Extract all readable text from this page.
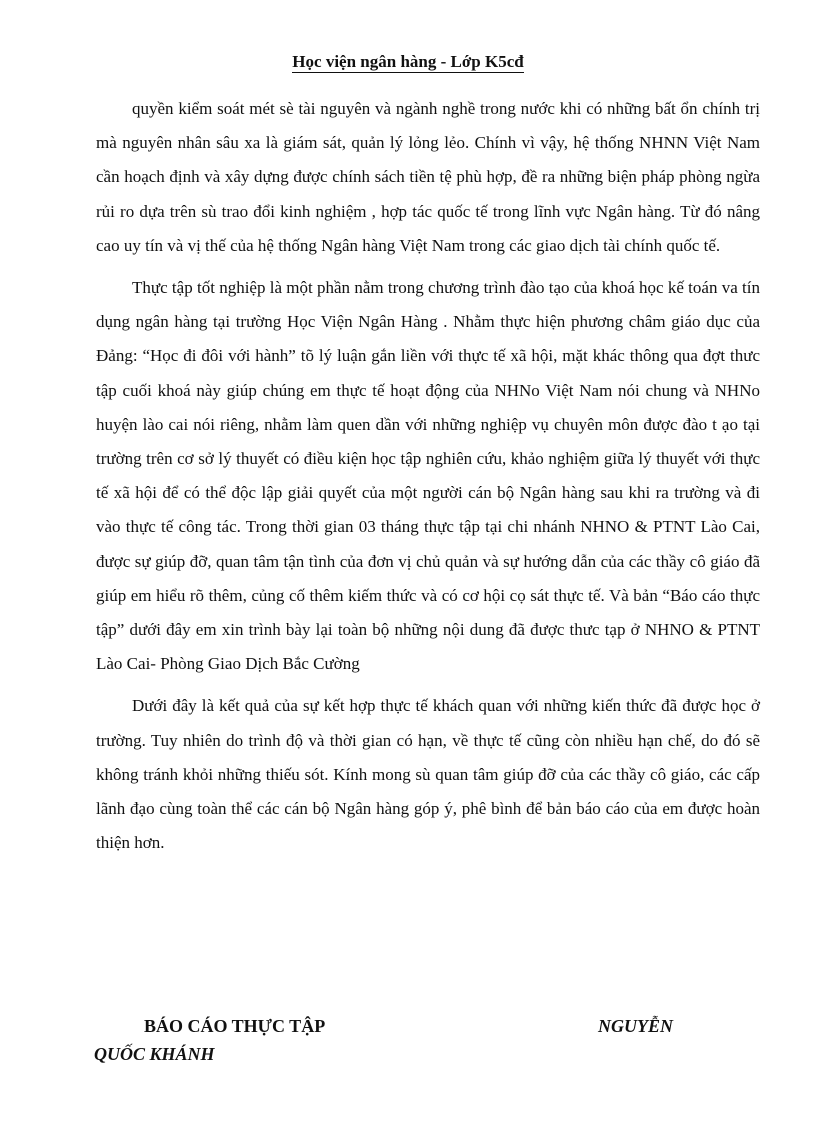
Học viện ngân hàng - Lớp K5cđ

quyền kiểm soát mét sè tài nguyên và ngành nghề trong nước khi có những bất ổn chính trị mà nguyên nhân sâu xa là giám sát, quản lý lỏng lẻo. Chính vì vậy, hệ thống NHNN Việt Nam cần hoạch định và xây dựng được chính sách tiền tệ phù hợp, đề ra những biện pháp phòng ngừa rủi ro dựa trên sù trao đổi kinh nghiệm , hợp tác quốc tế trong lĩnh vực Ngân hàng. Từ đó nâng cao uy tín và vị thế của hệ thống Ngân hàng Việt Nam trong các giao dịch tài chính quốc tế.

Thực tập tốt nghiệp là một phần nằm trong chương trình đào tạo của khoá học kế toán va tín dụng ngân hàng tại trường Học Viện Ngân Hàng . Nhằm thực hiện phương châm giáo dục của Đảng: “Học đi đôi với hành” tõ lý luận gắn liền với thực tế xã hội, mặt khác thông qua đợt thưc tập cuối khoá này giúp chúng em thực tế hoạt động của NHNo Việt Nam nói chung và NHNo huyện lào cai nói riêng, nhằm làm quen dần với những nghiệp vụ chuyên môn được đào t ạo tại trường trên cơ sở lý thuyết có điều kiện học tập nghiên cứu, khảo nghiệm giữa lý thuyết với thực tế xã hội để có thể độc lập giải quyết của một người cán bộ Ngân hàng sau khi ra trường và đi vào thực tế công tác. Trong thời gian 03 tháng thực tập tại chi nhánh NHNO & PTNT Lào Cai, được sự giúp đỡ, quan tâm tận tình của đơn vị chủ quản và sự hướng dẫn của các thầy cô giáo đã giúp em hiểu rõ thêm, củng cố thêm kiếm thức và có cơ hội cọ sát thực tế. Và bản “Báo cáo thực tập” dưới đây em xin trình bày lại toàn bộ những nội dung đã được thưc tạp ở NHNO & PTNT Lào Cai- Phòng Giao Dịch Bắc Cường

Dưới đây là kết quả của sự kết hợp thực tế khách quan với những kiến thức đã được học ở trường. Tuy nhiên do trình độ và thời gian có hạn, về thực tế cũng còn nhiều hạn chế, do đó sẽ không tránh khỏi những thiếu sót. Kính mong sù quan tâm giúp đỡ của các thầy cô giáo, các cấp lãnh đạo cùng toàn thể các cán bộ Ngân hàng góp ý, phê bình để bản báo cáo của em được hoàn thiện hơn.

BÁO CÁO THỰC TẬP	NGUYỄN
QUỐC KHÁNH
